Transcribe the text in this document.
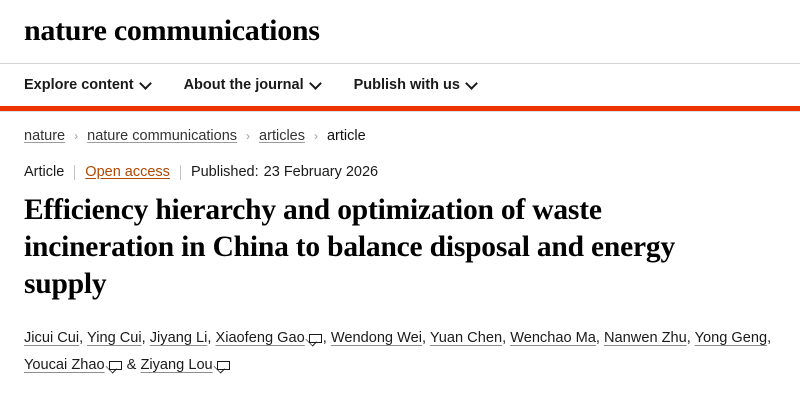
nature communications
Explore content	About the journal	Publish with us
nature › nature communications › articles › article
Article Open access Published: 23 February 2026
Efficiency hierarchy and optimization of waste incineration in China to balance disposal and energy supply
Jicui Cui, Ying Cui, Jiyang Li, Xiaofeng Gao , Wendong Wei, Yuan Chen, Wenchao Ma, Nanwen Zhu, Yong Geng, Youcai Zhao & Ziyang Lou
